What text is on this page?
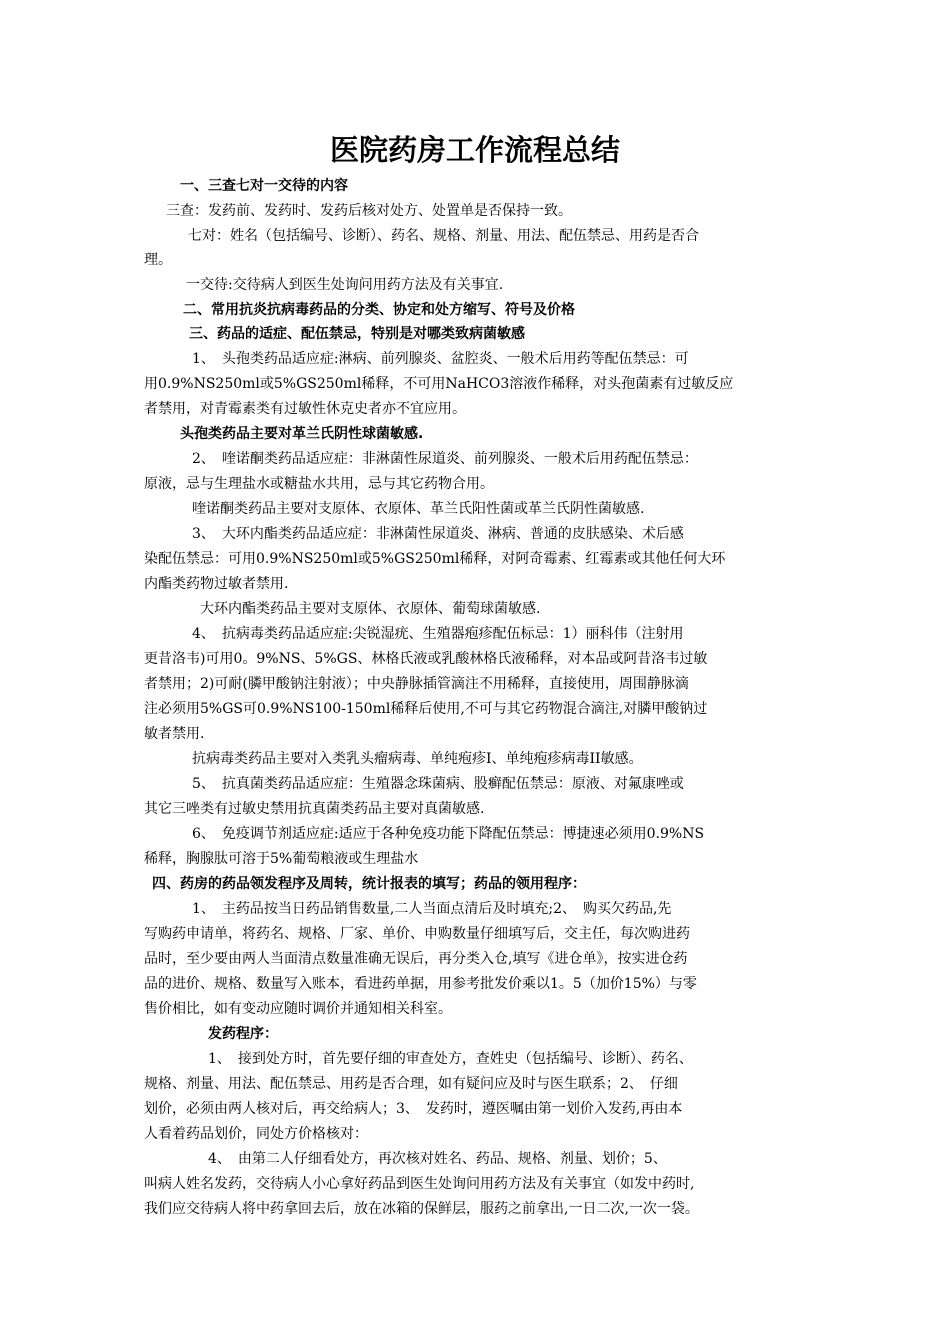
医院药房工作流程总结

一、三查七对一交待的内容

三查：发药前、发药时、发药后核对处方、处置单是否保持一致。

七对：姓名（包括编号、诊断）、药名、规格、剂量、用法、配伍禁忌、用药是否合

理。

一交待:交待病人到医生处询问用药方法及有关事宜.

二、常用抗炎抗病毒药品的分类、协定和处方缩写、符号及价格

三、药品的适症、配伍禁忌，特别是对哪类致病菌敏感

1、　头孢类药品适应症:淋病、前列腺炎、盆腔炎、一般术后用药等配伍禁忌：可

用0.9%NS250ml或5%GS250ml稀释，不可用NaHCO3溶液作稀释，对头孢菌素有过敏反应

者禁用，对青霉素类有过敏性休克史者亦不宜应用。

头孢类药品主要对革兰氏阴性球菌敏感.

2、　喹诺酮类药品适应症：非淋菌性尿道炎、前列腺炎、一般术后用药配伍禁忌：

原液，忌与生理盐水或糖盐水共用，忌与其它药物合用。

喹诺酮类药品主要对支原体、衣原体、革兰氏阳性菌或革兰氏阴性菌敏感.

3、　大环内酯类药品适应症：非淋菌性尿道炎、淋病、普通的皮肤感染、术后感

染配伍禁忌：可用0.9%NS250ml或5%GS250ml稀释，对阿奇霉素、红霉素或其他任何大环

内酯类药物过敏者禁用.

大环内酯类药品主要对支原体、衣原体、葡萄球菌敏感.

4、　抗病毒类药品适应症:尖锐湿疣、生殖器疱疹配伍标忌：1）丽科伟（注射用

更昔洛韦)可用0。9%NS、5%GS、林格氏液或乳酸林格氏液稀释，对本品或阿昔洛韦过敏

者禁用；2)可耐(膦甲酸钠注射液）；中央静脉插管滴注不用稀释，直接使用，周围静脉滴

注必须用5%GS可0.9%NS100-150ml稀释后使用,不可与其它药物混合滴注,对膦甲酸钠过

敏者禁用.

抗病毒类药品主要对入类乳头瘤病毒、单纯疱疹I、单纯疱疹病毒II敏感。

5、　抗真菌类药品适应症：生殖器念珠菌病、股癣配伍禁忌：原液、对氟康唑或

其它三唑类有过敏史禁用抗真菌类药品主要对真菌敏感.

6、　免疫调节剂适应症:适应于各种免疫功能下降配伍禁忌：博捷速必须用0.9%NS

稀释，胸腺肽可溶于5%葡萄粮液或生理盐水

四、药房的药品领发程序及周转，统计报表的填写；药品的领用程序：

1、　主药品按当日药品销售数量,二人当面点清后及时填充;2、　购买欠药品,先

写购药申请单，将药名、规格、厂家、单价、申购数量仔细填写后，交主任，每次购进药

品时，至少要由两人当面清点数量准确无误后，再分类入仓,填写《进仓单》，按实进仓药

品的进价、规格、数量写入账本，看进药单据，用参考批发价乘以1。5（加价15%）与零

售价相比，如有变动应随时调价并通知相关科室。

发药程序：

1、　接到处方时，首先要仔细的审查处方，查姓史（包括编号、诊断）、药名、

规格、剂量、用法、配伍禁忌、用药是否合理，如有疑问应及时与医生联系；2、　仔细

划价，必须由两人核对后，再交给病人；3、　发药时，遵医嘱由第一划价入发药,再由本

人看着药品划价，同处方价格核对：

4、　由第二人仔细看处方，再次核对姓名、药品、规格、剂量、划价；5、

叫病人姓名发药，交待病人小心拿好药品到医生处询问用药方法及有关事宜（如发中药时,

我们应交待病人将中药拿回去后，放在冰箱的保鲜层，服药之前拿出,一日二次,一次一袋。
